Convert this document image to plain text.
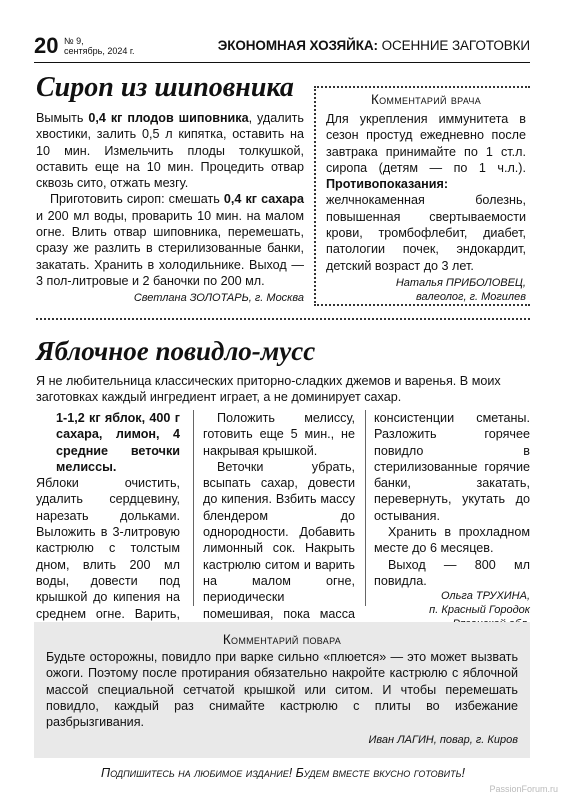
20 № 9,
сентябрь, 2024 г.	ЭКОНОМНАЯ ХОЗЯЙКА: ОСЕННИЕ ЗАГОТОВКИ
Сироп из шиповника

Вымыть 0,4 кг плодов шиповника, удалить хвостики, залить 0,5 л кипятка, оставить на 10 мин. Измельчить плоды толкушкой, оставить еще на 10 мин. Процедить отвар сквозь сито, отжать мезгу.

Приготовить сироп: смешать 0,4 кг сахара и 200 мл воды, проварить 10 мин. на малом огне. Влить отвар шиповника, перемешать, сразу же разлить в стерилизованные банки, закатать. Хранить в холодильнике. Выход — 3 пол-литровые и 2 баночки по 200 мл.

Светлана ЗОЛОТАРЬ, г. Москва
Комментарий врача
Для укрепления иммунитета в сезон простуд ежедневно после завтрака принимайте по 1 ст.л. сиропа (детям — по 1 ч.л.). Противопоказания: желчнокаменная болезнь, повышенная свертываемости крови, тромбофлебит, диабет, патологии почек, эндокардит, детский возраст до 3 лет.
Наталья ПРИБОЛОВЕЦ,
валеолог, г. Могилев
Яблочное повидло-мусс
Я не любительница классических приторно-сладких джемов и варенья. В моих заготовках каждый ингредиент играет, а не доминирует сахар.

1-1,2 кг яблок, 400 г сахара, лимон, 4 средние веточки мелиссы.

Яблоки очистить, удалить сердцевину, нарезать дольками. Выложить в 3-литровую кастрюлю с толстым дном, влить 200 мл воды, довести под крышкой до кипения на среднем огне. Варить,

Положить мелиссу, готовить еще 5 мин., не накрывая крышкой.

Веточки убрать, всыпать сахар, довести до кипения. Взбить массу блендером до однородности. Добавить лимонный сок. Накрыть кастрюлю ситом и варить на малом огне, периодически помешивая, пока масса

консистенции сметаны. Разложить горячее повидло в стерилизованные горячие банки, закатать, перевернуть, укутать до остывания.

Хранить в прохладном месте до 6 месяцев.

Выход — 800 мл повидла.

Ольга ТРУХИНА,
п. Красный Городок
Комментарий повара
Будьте осторожны, повидло при варке сильно «плюется» — это может вызвать ожоги. Поэтому после протирания обязательно накройте кастрюлю с яблочной массой специальной сетчатой крышкой или ситом. И чтобы перемешать повидло, каждый раз снимайте кастрюлю с плиты во избежание разбрызгивания.
Иван ЛАГИН, повар, г. Киров
Подпишитесь на любимое издание! Будем вместе вкусно готовить!
PassionForum.ru
